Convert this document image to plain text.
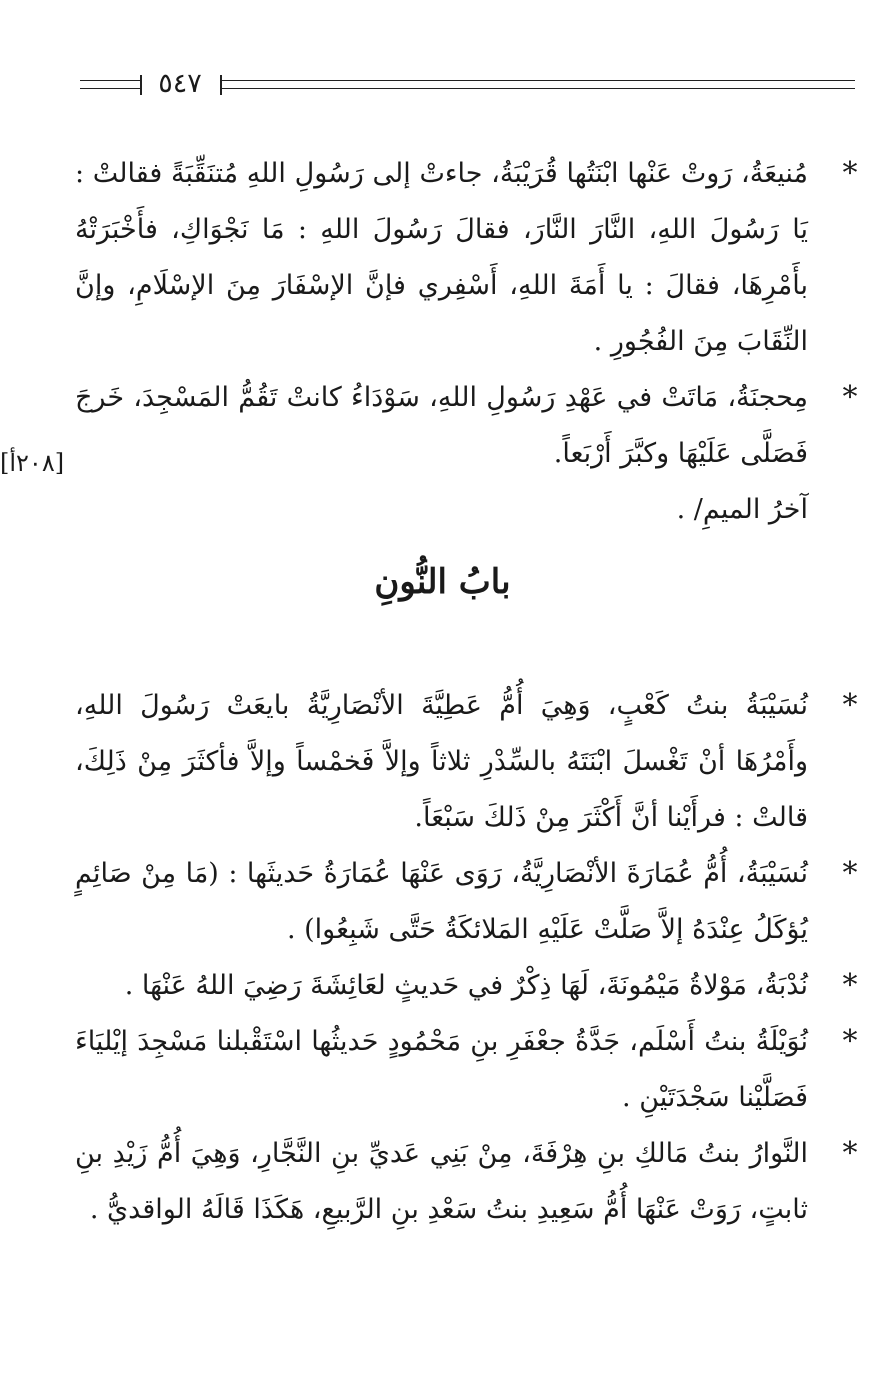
٥٤٧
[٢٠٨أ]

*
مُنيعَةُ، رَوتْ عَنْها ابْنَتُها قُرَيْبَةُ، جاءتْ إلى رَسُولِ اللهِ مُتنَقِّبَةً فقالتْ : يَا رَسُولَ اللهِ، النَّارَ النَّارَ، فقالَ رَسُولَ اللهِ : مَا نَجْوَاكِ، فأَخْبَرَتْهُ بأَمْرِهَا، فقالَ : يا أَمَةَ اللهِ، أَسْفِري فإنَّ الإسْفَارَ مِنَ الإسْلَامِ، وإنَّ النِّقَابَ مِنَ الفُجُورِ .

*
مِحجنَةُ، مَاتَتْ في عَهْدِ رَسُولِ اللهِ، سَوْدَاءُ كانتْ تَقُمُّ المَسْجِدَ، خَرجَ فَصَلَّى عَلَيْهَا وكبَّرَ أَرْبَعاً.

آخرُ الميمِ/ .

بابُ النُّونِ

*
نُسَيْبَةُ بنتُ كَعْبٍ، وَهِيَ أُمُّ عَطِيَّةَ الأنْصَارِيَّةُ بايعَتْ رَسُولَ اللهِ، وأَمْرُهَا أنْ تَغْسلَ ابْنَتَهُ بالسِّدْرِ ثلاثاً وإلاَّ فَخمْساً وإلاَّ فأكثَرَ مِنْ ذَلِكَ، قالتْ : فرأَيْنا أنَّ أَكْثَرَ مِنْ ذَلكَ سَبْعَاً.

*
نُسَيْبَةُ، أُمُّ عُمَارَةَ الأنْصَارِيَّةُ، رَوَى عَنْهَا عُمَارَةُ حَديثَها : (مَا مِنْ صَائِمٍ يُؤكَلُ عِنْدَهُ إلاَّ صَلَّتْ عَلَيْهِ المَلائكَةُ حَتَّى شَبِعُوا) .

*
نُدْبَةُ، مَوْلاةُ مَيْمُونَةَ، لَهَا ذِكْرٌ في حَديثٍ لعَائِشَةَ رَضِيَ اللهُ عَنْهَا .

*
نُوَيْلَةُ بنتُ أَسْلَم، جَدَّةُ جعْفَرِ بنِ مَحْمُودٍ حَديثُها اسْتَقْبلنا مَسْجِدَ إيْليَاءَ فَصَلَّيْنا سَجْدَتَيْنِ .

*
النَّوارُ بنتُ مَالكِ بنِ هِرْفَةَ، مِنْ بَنِي عَديِّ بنِ النَّجَّارِ، وَهِيَ أُمُّ زَيْدِ بنِ ثابتٍ، رَوَتْ عَنْهَا أُمُّ سَعِيدِ بنتُ سَعْدِ بنِ الرَّبيعِ، هَكَذَا قَالَهُ الواقديُّ .
